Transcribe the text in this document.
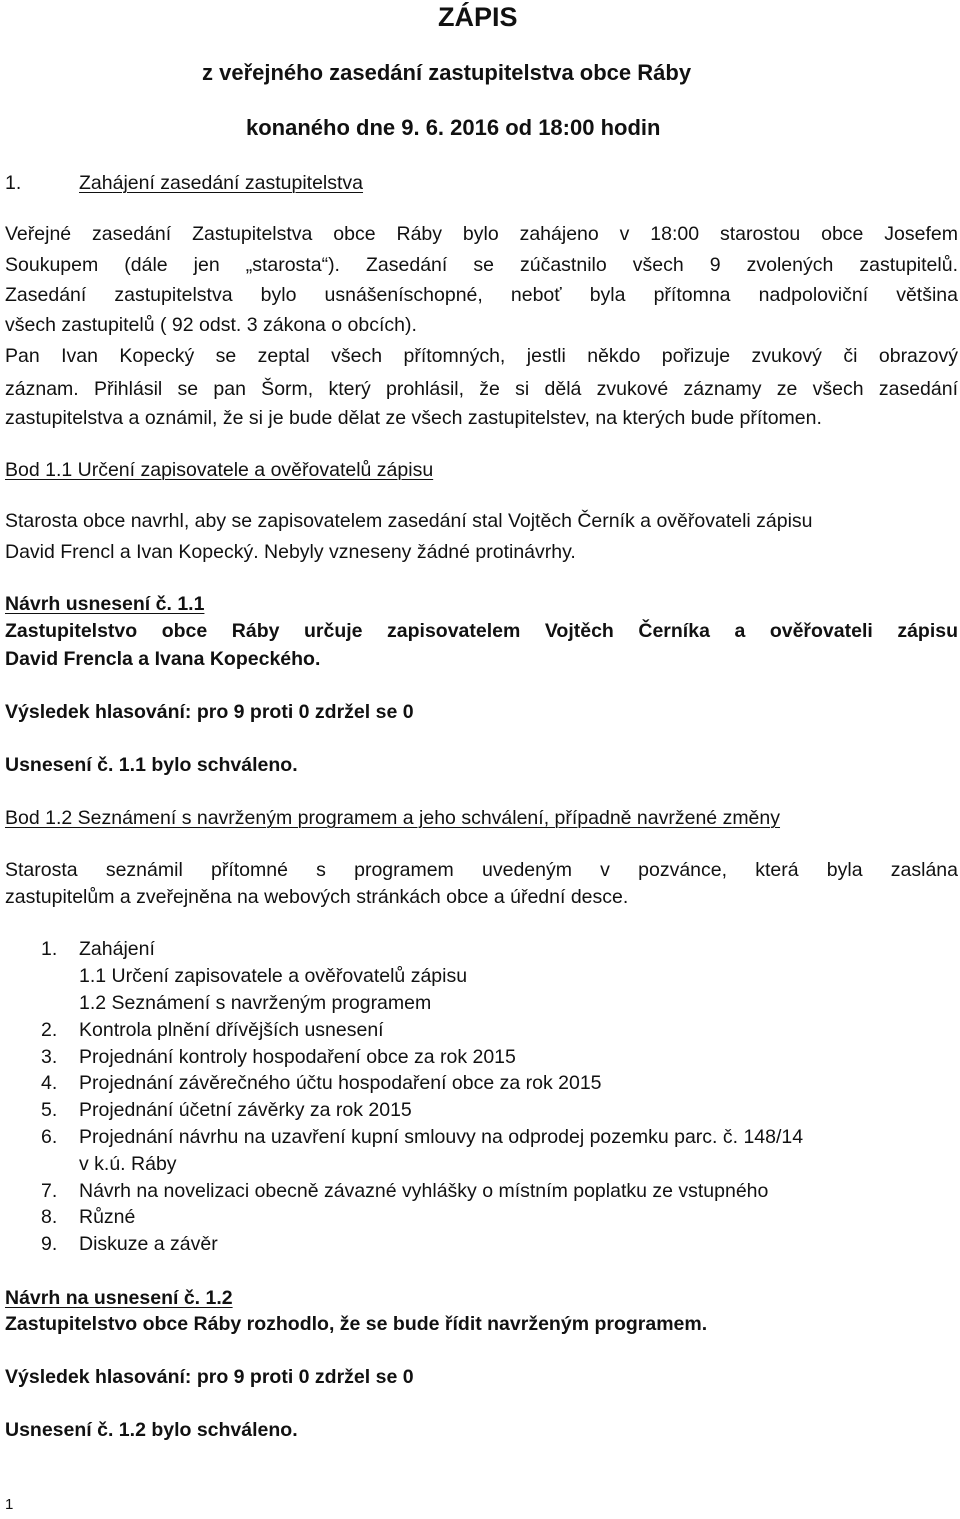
ZÁPIS
z veřejného zasedání zastupitelstva obce Ráby
konaného dne 9. 6. 2016 od 18:00 hodin
1.	Zahájení zasedání zastupitelstva
Veřejné zasedání Zastupitelstva obce Ráby bylo zahájeno v 18:00 starostou obce Josefem
Soukupem (dále jen „starosta“). Zasedání se zúčastnilo všech 9 zvolených zastupitelů.
Zasedání zastupitelstva bylo usnášeníschopné, neboť byla přítomna nadpoloviční většina
všech zastupitelů ( 92 odst. 3 zákona o obcích).
Pan Ivan Kopecký se zeptal všech přítomných, jestli někdo pořizuje zvukový či obrazový
záznam. Přihlásil se pan Šorm, který prohlásil, že si dělá zvukové záznamy ze všech zasedání
zastupitelstva a oznámil, že si je bude dělat ze všech zastupitelstev, na kterých bude přítomen.
Bod 1.1 Určení zapisovatele a ověřovatelů zápisu
Starosta obce navrhl, aby se zapisovatelem zasedání stal Vojtěch Černík a ověřovateli zápisu
David Frencl a Ivan Kopecký. Nebyly vzneseny žádné protinávrhy.
Návrh usnesení č. 1.1
Zastupitelstvo obce Ráby určuje zapisovatelem Vojtěch Černíka a ověřovateli zápisu
David Frencla a Ivana Kopeckého.
Výsledek hlasování: pro 9 proti 0 zdržel se 0
Usnesení č. 1.1 bylo schváleno.
Bod 1.2 Seznámení s navrženým programem a jeho schválení, případně navržené změny
Starosta seznámil přítomné s programem uvedeným v pozvánce, která byla zaslána
zastupitelům a zveřejněna na webových stránkách obce a úřední desce.
1. Zahájení
1.1 Určení zapisovatele a ověřovatelů zápisu
1.2 Seznámení s navrženým programem
2. Kontrola plnění dřívějších usnesení
3. Projednání kontroly hospodaření obce za rok 2015
4. Projednání závěrečného účtu hospodaření obce za rok 2015
5. Projednání účetní závěrky za rok 2015
6. Projednání návrhu na uzavření kupní smlouvy na odprodej pozemku parc. č. 148/14
v k.ú. Ráby
7. Návrh na novelizaci obecně závazné vyhlášky o místním poplatku ze vstupného
8. Různé
9. Diskuze a závěr
Návrh na usnesení č. 1.2
Zastupitelstvo obce Ráby rozhodlo, že se bude řídit navrženým programem.
Výsledek hlasování: pro 9 proti 0 zdržel se 0
Usnesení č. 1.2 bylo schváleno.
1
